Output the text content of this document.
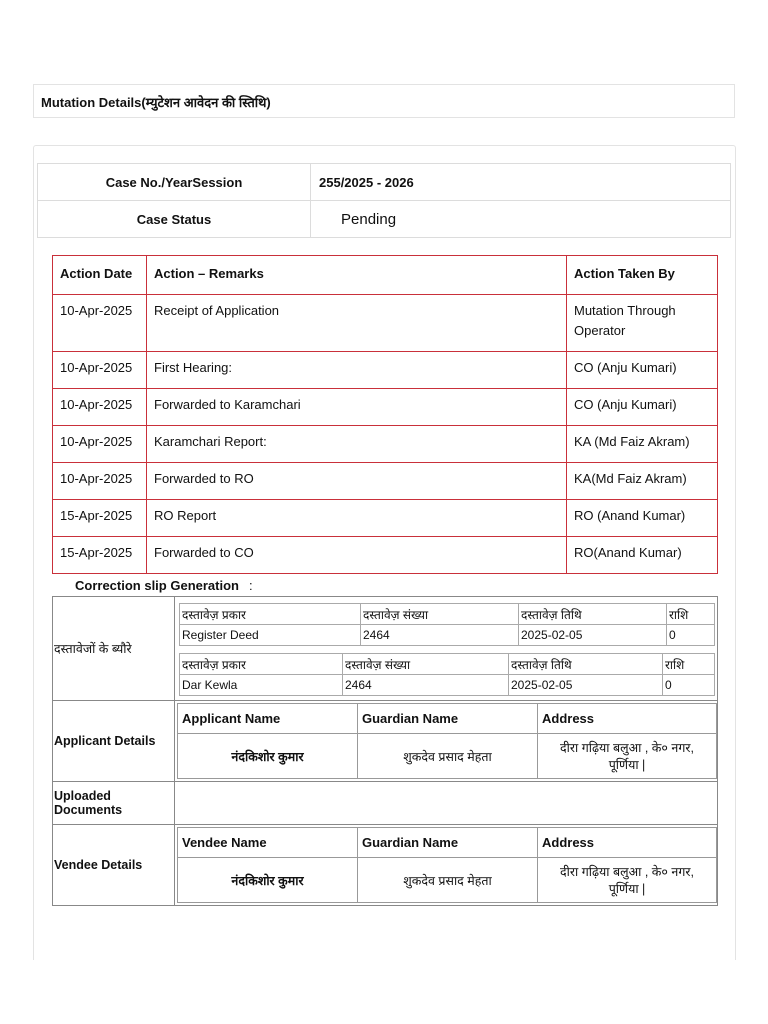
Mutation Details(म्युटेशन आवेदन की स्तिथि)
Case No./YearSession	255/2025 - 2026
Case Status	Pending
Action Date	Action – Remarks	Action Taken By
10-Apr-2025	Receipt of Application	Mutation Through Operator
10-Apr-2025	First Hearing:	CO (Anju Kumari)
10-Apr-2025	Forwarded to Karamchari	CO (Anju Kumari)
10-Apr-2025	Karamchari Report:	KA (Md Faiz Akram)
10-Apr-2025	Forwarded to RO	KA(Md Faiz Akram)
15-Apr-2025	RO Report	RO (Anand Kumar)
15-Apr-2025	Forwarded to CO	RO(Anand Kumar)
Correction slip Generation :
दस्तावेजों के ब्यौरे	
दस्तावेज़ प्रकार	दस्तावेज़ संख्या	दस्तावेज़ तिथि	राशि
Register Deed	2464	2025-02-05	0
दस्तावेज़ प्रकार	दस्तावेज़ संख्या	दस्तावेज़ तिथि	राशि
Dar Kewla	2464	2025-02-05	0

Applicant Details	
Applicant Name	Guardian Name	Address
नंदकिशोर कुमार	शुकदेव प्रसाद मेहता	दीरा गढ़िया बलुआ , के० नगर, पूर्णिया |

Uploaded Documents	
Vendee Details	
Vendee Name	Guardian Name	Address
नंदकिशोर कुमार	शुकदेव प्रसाद मेहता	दीरा गढ़िया बलुआ , के० नगर, पूर्णिया |
